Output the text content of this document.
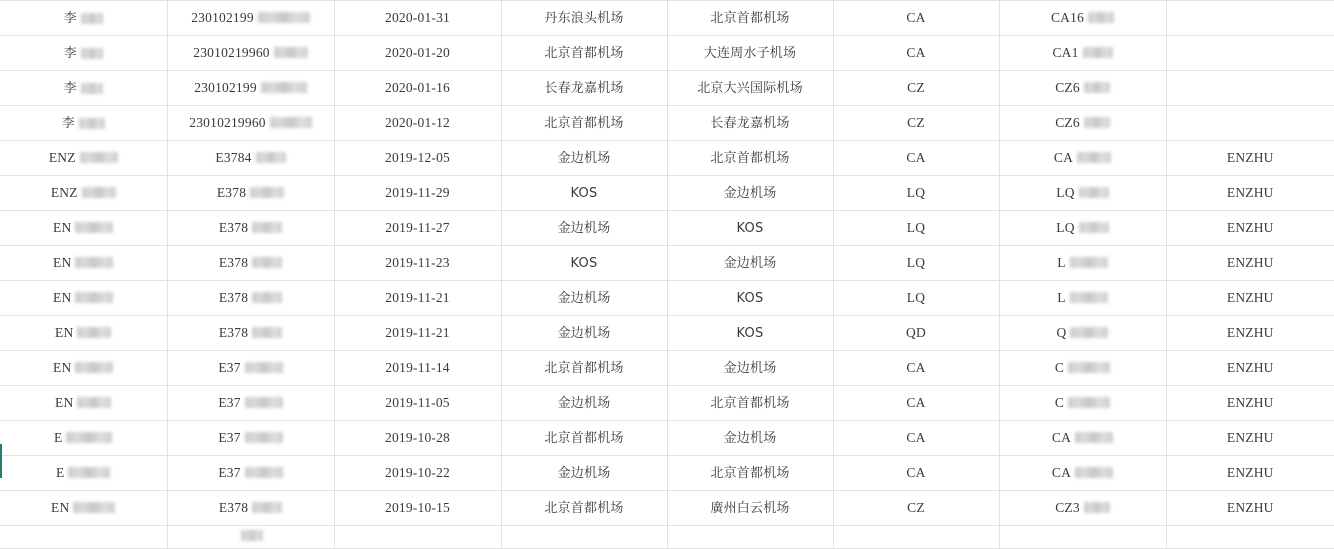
李	230102199	2020-01-31	丹东浪头机场	北京首都机场	CA	CA16	

李	23010219960	2020-01-20	北京首都机场	大连周水子机场	CA	CA1	

李	230102199	2020-01-16	长春龙嘉机场	北京大兴国际机场	CZ	CZ6	

李	23010219960	2020-01-12	北京首都机场	长春龙嘉机场	CZ	CZ6	

ENZ	E3784	2019-12-05	金边机场	北京首都机场	CA	CA	ENZHU

ENZ	E378	2019-11-29	KOS	金边机场	LQ	LQ	ENZHU

EN	E378	2019-11-27	金边机场	KOS	LQ	LQ	ENZHU

EN	E378	2019-11-23	KOS	金边机场	LQ	L	ENZHU

EN	E378	2019-11-21	金边机场	KOS	LQ	L	ENZHU

EN	E378	2019-11-21	金边机场	KOS	QD	Q	ENZHU

EN	E37	2019-11-14	北京首都机场	金边机场	CA	C	ENZHU

EN	E37	2019-11-05	金边机场	北京首都机场	CA	C	ENZHU

E	E37	2019-10-28	北京首都机场	金边机场	CA	CA	ENZHU

E	E37	2019-10-22	金边机场	北京首都机场	CA	CA	ENZHU

EN	E378	2019-10-15	北京首都机场	廣州白云机场	CZ	CZ3	ENZHU
